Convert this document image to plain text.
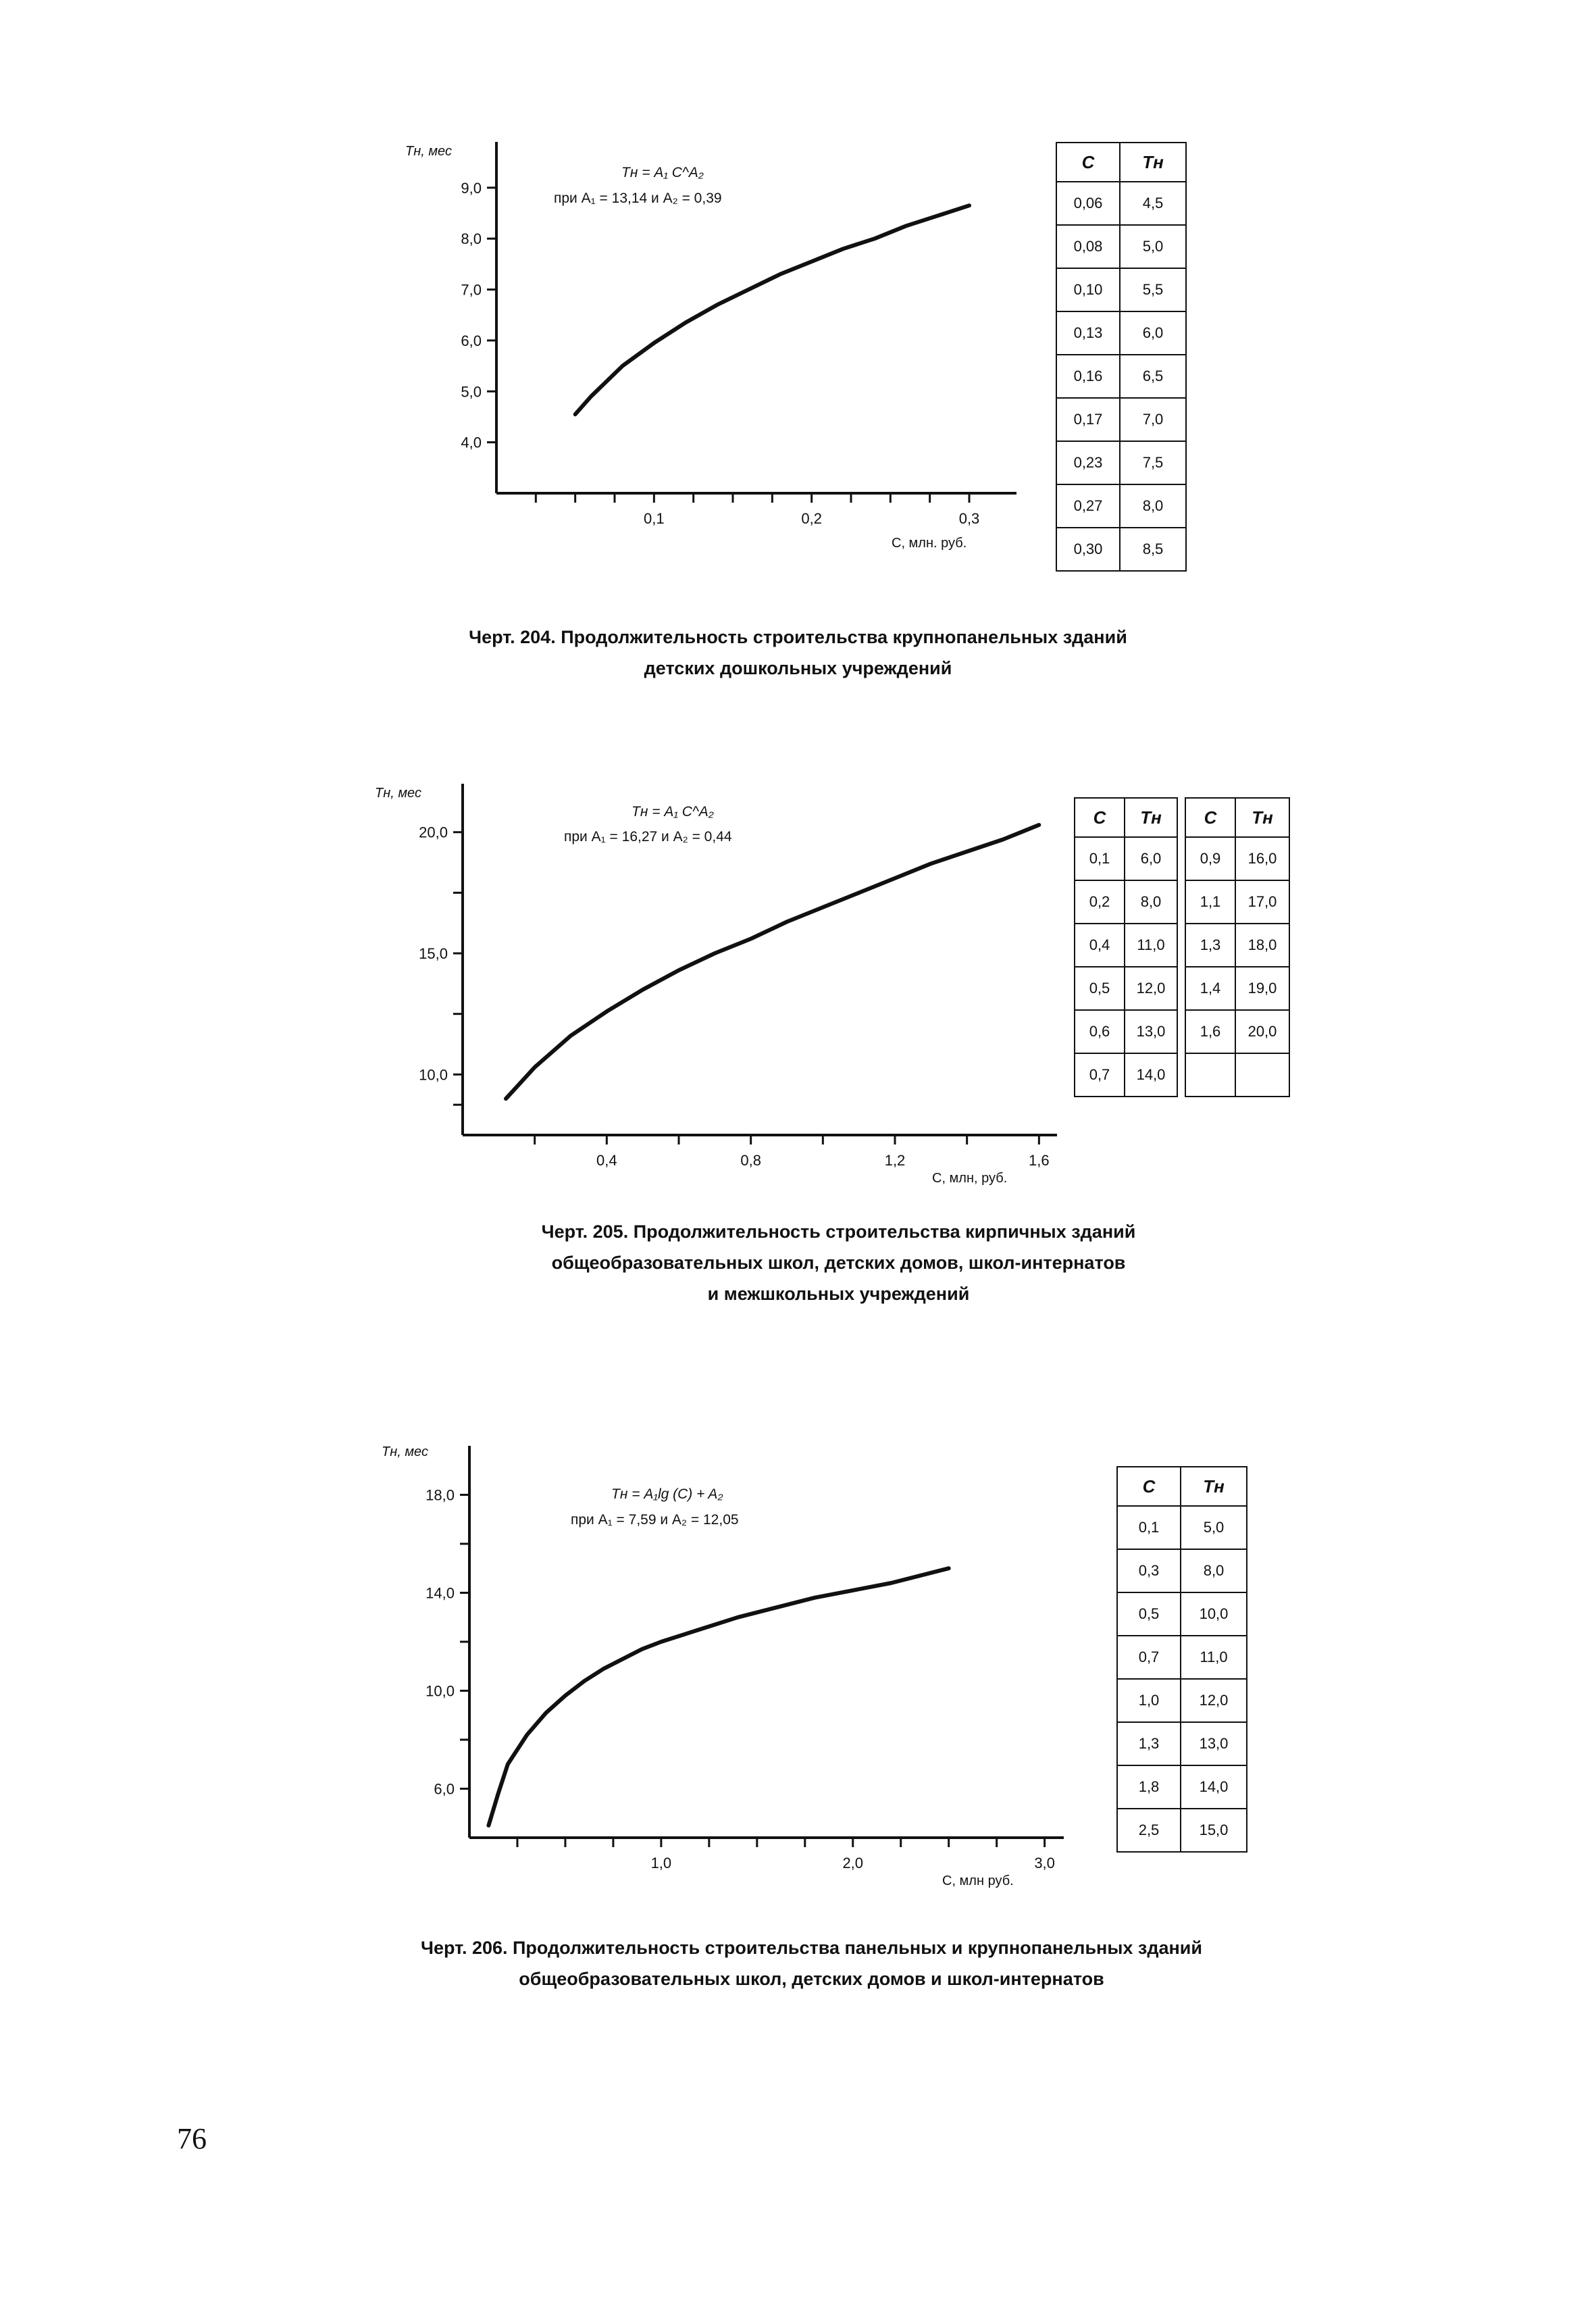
Tн, мес
Tн = A₁ C^A₂
при A₁ = 13,14 и A₂ = 0,39
С, млн. руб.
4,0
5,0
6,0
7,0
8,0
9,0
0,1	0,2	0,3
С	Tн
0,06	4,5
0,08	5,0
0,10	5,5
0,13	6,0
0,16	6,5
0,17	7,0
0,23	7,5
0,27	8,0
0,30	8,5
Черт. 204. Продолжительность строительства крупнопанельных зданий
детских дошкольных учреждений
Tн, мес
Tн = A₁ C^A₂
при A₁ = 16,27 и A₂ = 0,44
С, млн, руб.
10,0
15,0
20,0
0,4	0,8	1,2	1,6
С	Tн		С	Tн
0,1	6,0		0,9	16,0
0,2	8,0		1,1	17,0
0,4	11,0		1,3	18,0
0,5	12,0		1,4	19,0
0,6	13,0		1,6	20,0
0,7	14,0			
Черт. 205. Продолжительность строительства кирпичных зданий
общеобразовательных школ, детских домов, школ-интернатов
и межшкольных учреждений
Tн, мес
Tн = A₁lg (C) + A₂
при A₁ = 7,59 и A₂ = 12,05
С, млн руб.
6,0
10,0
14,0
18,0
1,0	2,0	3,0
С	Tн
0,1	5,0
0,3	8,0
0,5	10,0
0,7	11,0
1,0	12,0
1,3	13,0
1,8	14,0
2,5	15,0
Черт. 206. Продолжительность строительства панельных и крупнопанельных зданий
общеобразовательных школ, детских домов и школ-интернатов
76
